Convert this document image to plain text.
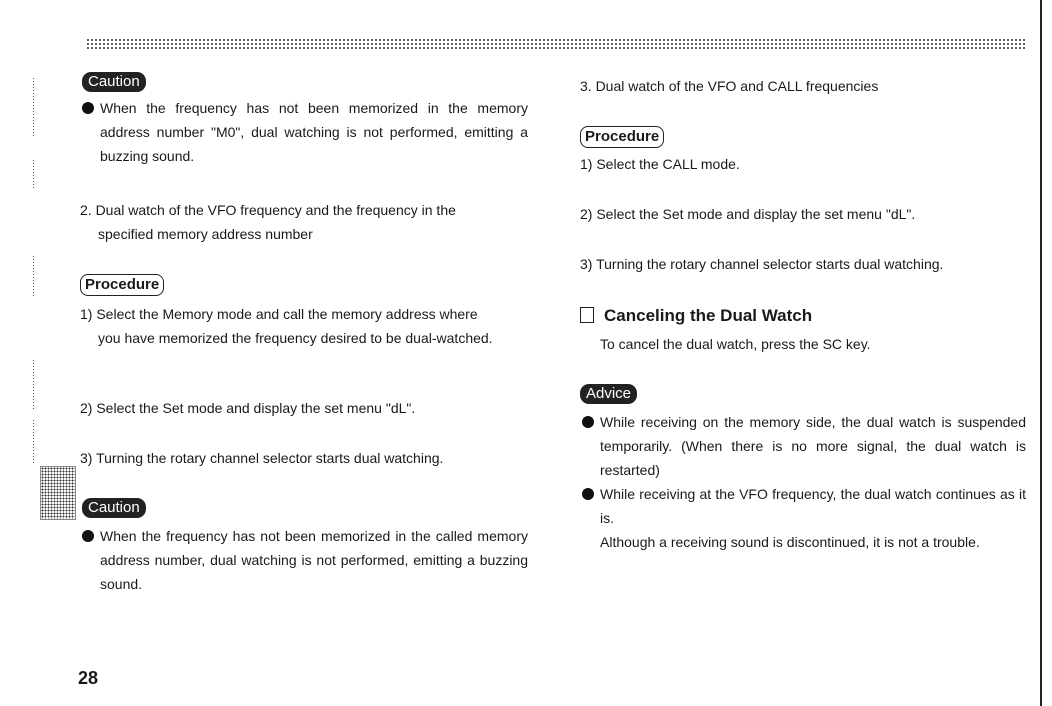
Caution

When the frequency has not been memorized in the memory address number "M0", dual watching is not performed, emitting a buzzing sound.

2. Dual watch of the VFO frequency and the frequency in the

specified memory address number

Procedure

1) Select the Memory mode and call the memory address where

you have memorized the frequency desired to be dual-watched.

2) Select the Set mode and display the set menu "dL".

3) Turning the rotary channel selector starts dual watching.

Caution

When the frequency has not been memorized in the called memory address number, dual watching is not performed, emitting a buzzing sound.

3. Dual watch of the VFO and CALL frequencies

Procedure

1) Select the CALL mode.

2) Select the Set mode and display the set menu "dL".

3) Turning the rotary channel selector starts dual watching.

Canceling the Dual Watch

To cancel the dual watch, press the SC key.

Advice

While receiving on the memory side, the dual watch is suspended temporarily. (When there is no more signal, the dual watch is restarted)

While receiving at the VFO frequency, the dual watch continues as it is.

Although a receiving sound is discontinued, it is not a trouble.

28
